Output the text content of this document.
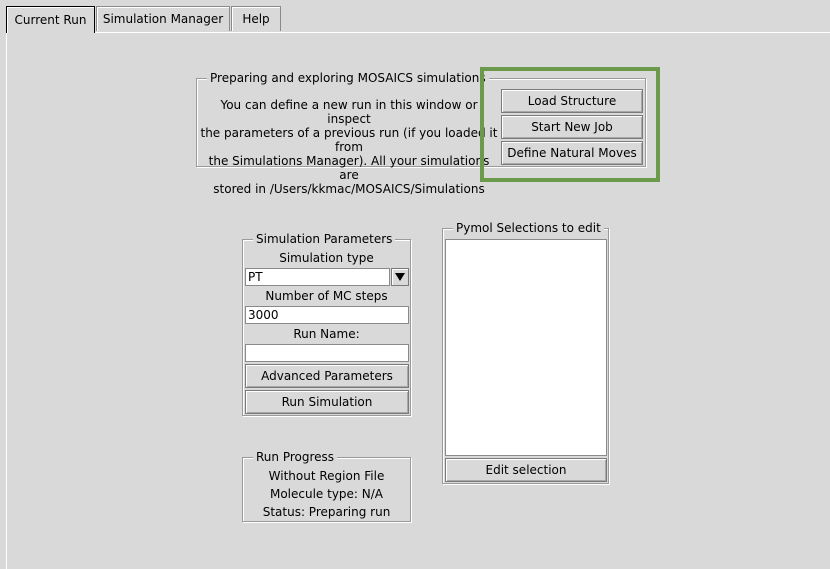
Current Run Simulation Manager Help
Preparing and exploring MOSAICS simulations
You can define a new run in this window or inspect
the parameters of a previous run (if you loaded it from
the Simulations Manager). All your simulations are
stored in /Users/kkmac/MOSAICS/Simulations
Load Structure
Start New Job
Define Natural Moves
Simulation Parameters
Simulation type
PT
Number of MC steps
3000
Run Name:
Advanced Parameters
Run Simulation
Run Progress
Without Region File
Molecule type: N/A
Status: Preparing run
Pymol Selections to edit
Edit selection
